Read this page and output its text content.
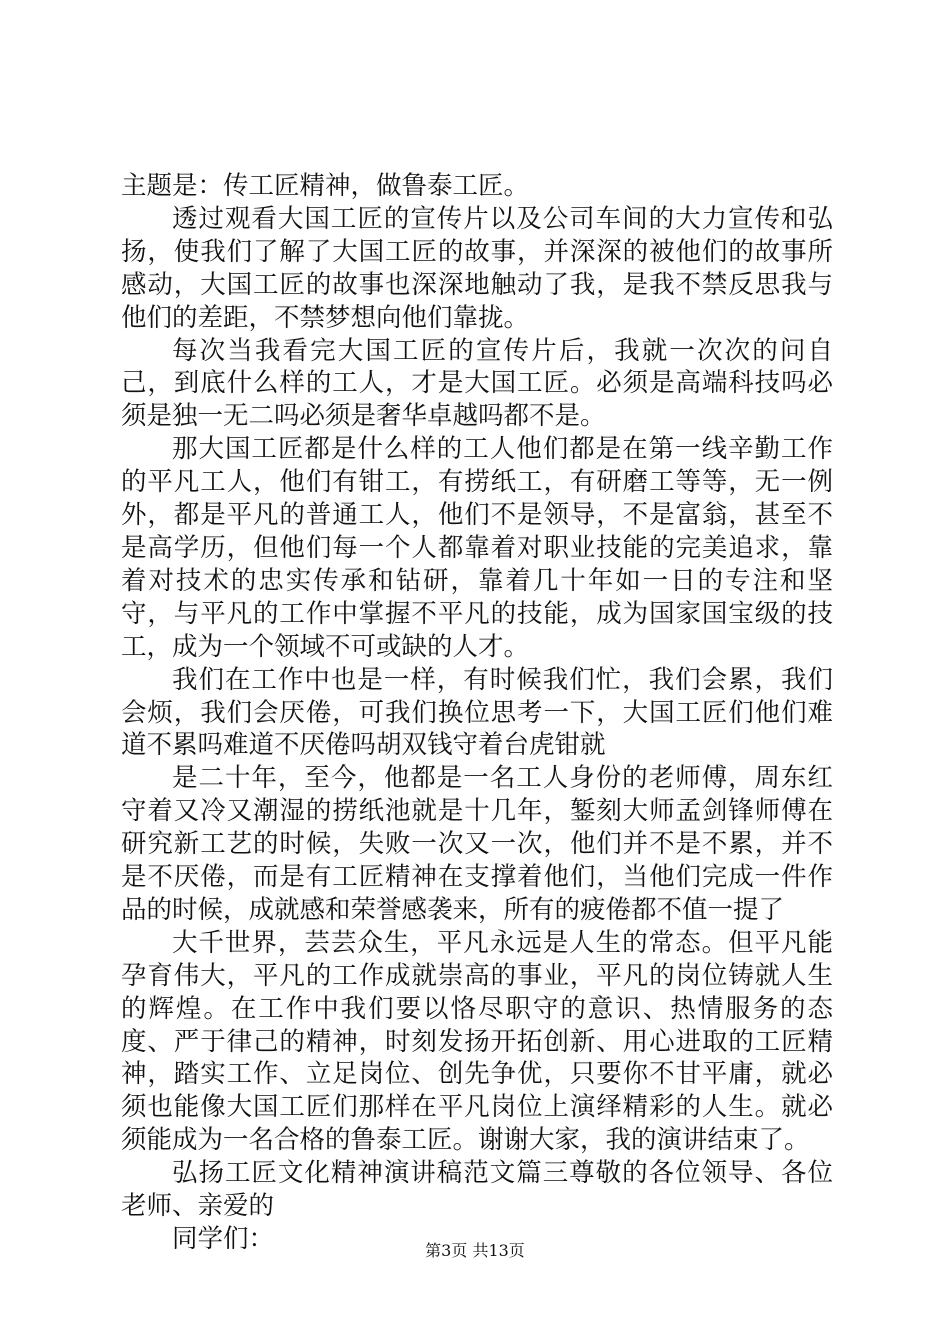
主题是：传工匠精神，做鲁泰工匠。

透过观看大国工匠的宣传片以及公司车间的大力宣传和弘扬，使我们了解了大国工匠的故事，并深深的被他们的故事所感动，大国工匠的故事也深深地触动了我，是我不禁反思我与他们的差距，不禁梦想向他们靠拢。

每次当我看完大国工匠的宣传片后，我就一次次的问自己，到底什么样的工人，才是大国工匠。必须是高端科技吗必须是独一无二吗必须是奢华卓越吗都不是。

那大国工匠都是什么样的工人他们都是在第一线辛勤工作的平凡工人，他们有钳工，有捞纸工，有研磨工等等，无一例外，都是平凡的普通工人，他们不是领导，不是富翁，甚至不是高学历，但他们每一个人都靠着对职业技能的完美追求，靠着对技术的忠实传承和钻研，靠着几十年如一日的专注和坚守，与平凡的工作中掌握不平凡的技能，成为国家国宝级的技工，成为一个领域不可或缺的人才。

我们在工作中也是一样，有时候我们忙，我们会累，我们会烦，我们会厌倦，可我们换位思考一下，大国工匠们他们难道不累吗难道不厌倦吗胡双钱守着台虎钳就

是二十年，至今，他都是一名工人身份的老师傅，周东红守着又冷又潮湿的捞纸池就是十几年，錾刻大师孟剑锋师傅在研究新工艺的时候，失败一次又一次，他们并不是不累，并不是不厌倦，而是有工匠精神在支撑着他们，当他们完成一件作品的时候，成就感和荣誉感袭来，所有的疲倦都不值一提了

大千世界，芸芸众生，平凡永远是人生的常态。但平凡能孕育伟大，平凡的工作成就崇高的事业，平凡的岗位铸就人生的辉煌。在工作中我们要以恪尽职守的意识、热情服务的态度、严于律己的精神，时刻发扬开拓创新、用心进取的工匠精神，踏实工作、立足岗位、创先争优，只要你不甘平庸，就必须也能像大国工匠们那样在平凡岗位上演绎精彩的人生。就必须能成为一名合格的鲁泰工匠。谢谢大家，我的演讲结束了。

弘扬工匠文化精神演讲稿范文篇三尊敬的各位领导、各位老师、亲爱的

同学们：	第3页 共13页
